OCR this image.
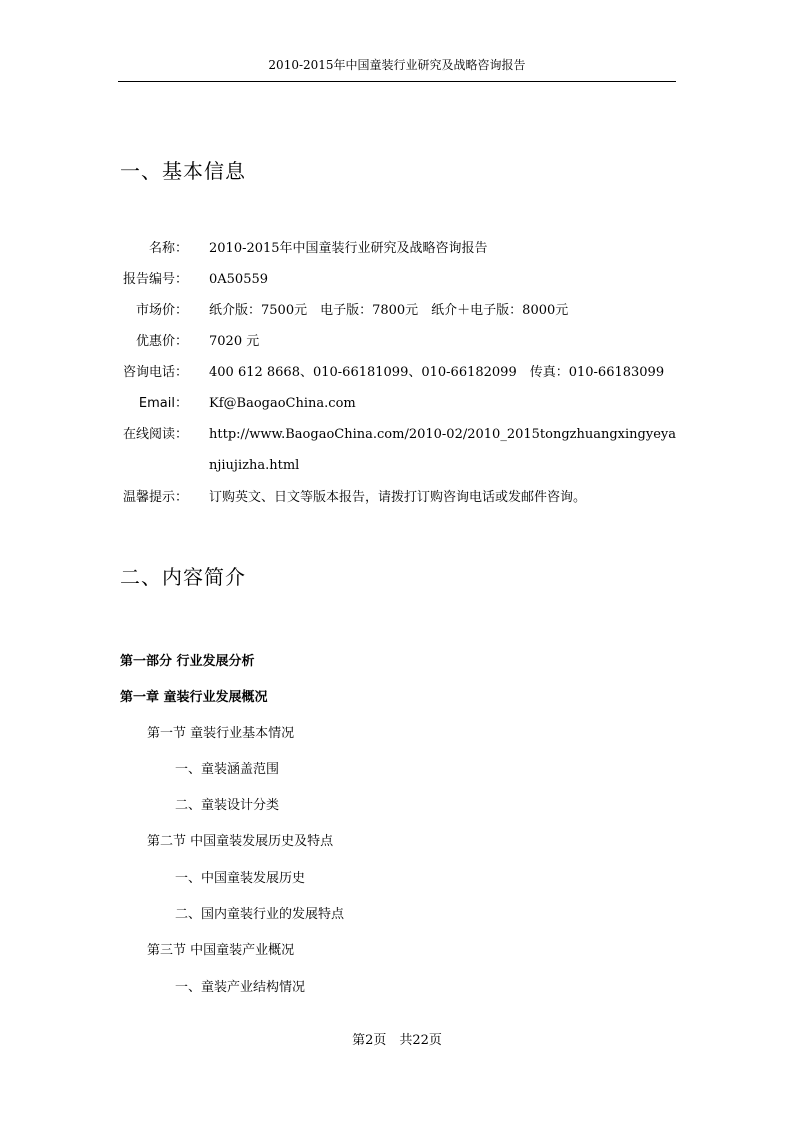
2010-2015年中国童装行业研究及战略咨询报告
一、基本信息
名称： 2010-2015年中国童装行业研究及战略咨询报告
报告编号： 0A50559
市场价： 纸介版：7500元　电子版：7800元　纸介＋电子版：8000元
优惠价： 7020 元
咨询电话： 400 612 8668、010-66181099、010-66182099　传真：010-66183099
Email： Kf@BaogaoChina.com
在线阅读： http://www.BaogaoChina.com/2010-02/2010_2015tongzhuangxingyeyanjiujizha.html
温馨提示： 订购英文、日文等版本报告，请拨打订购咨询电话或发邮件咨询。
二、内容简介
第一部分 行业发展分析
第一章 童装行业发展概况
第一节 童装行业基本情况
一、童装涵盖范围
二、童装设计分类
第二节 中国童装发展历史及特点
一、中国童装发展历史
二、国内童装行业的发展特点
第三节 中国童装产业概况
一、童装产业结构情况
第2页　共22页
